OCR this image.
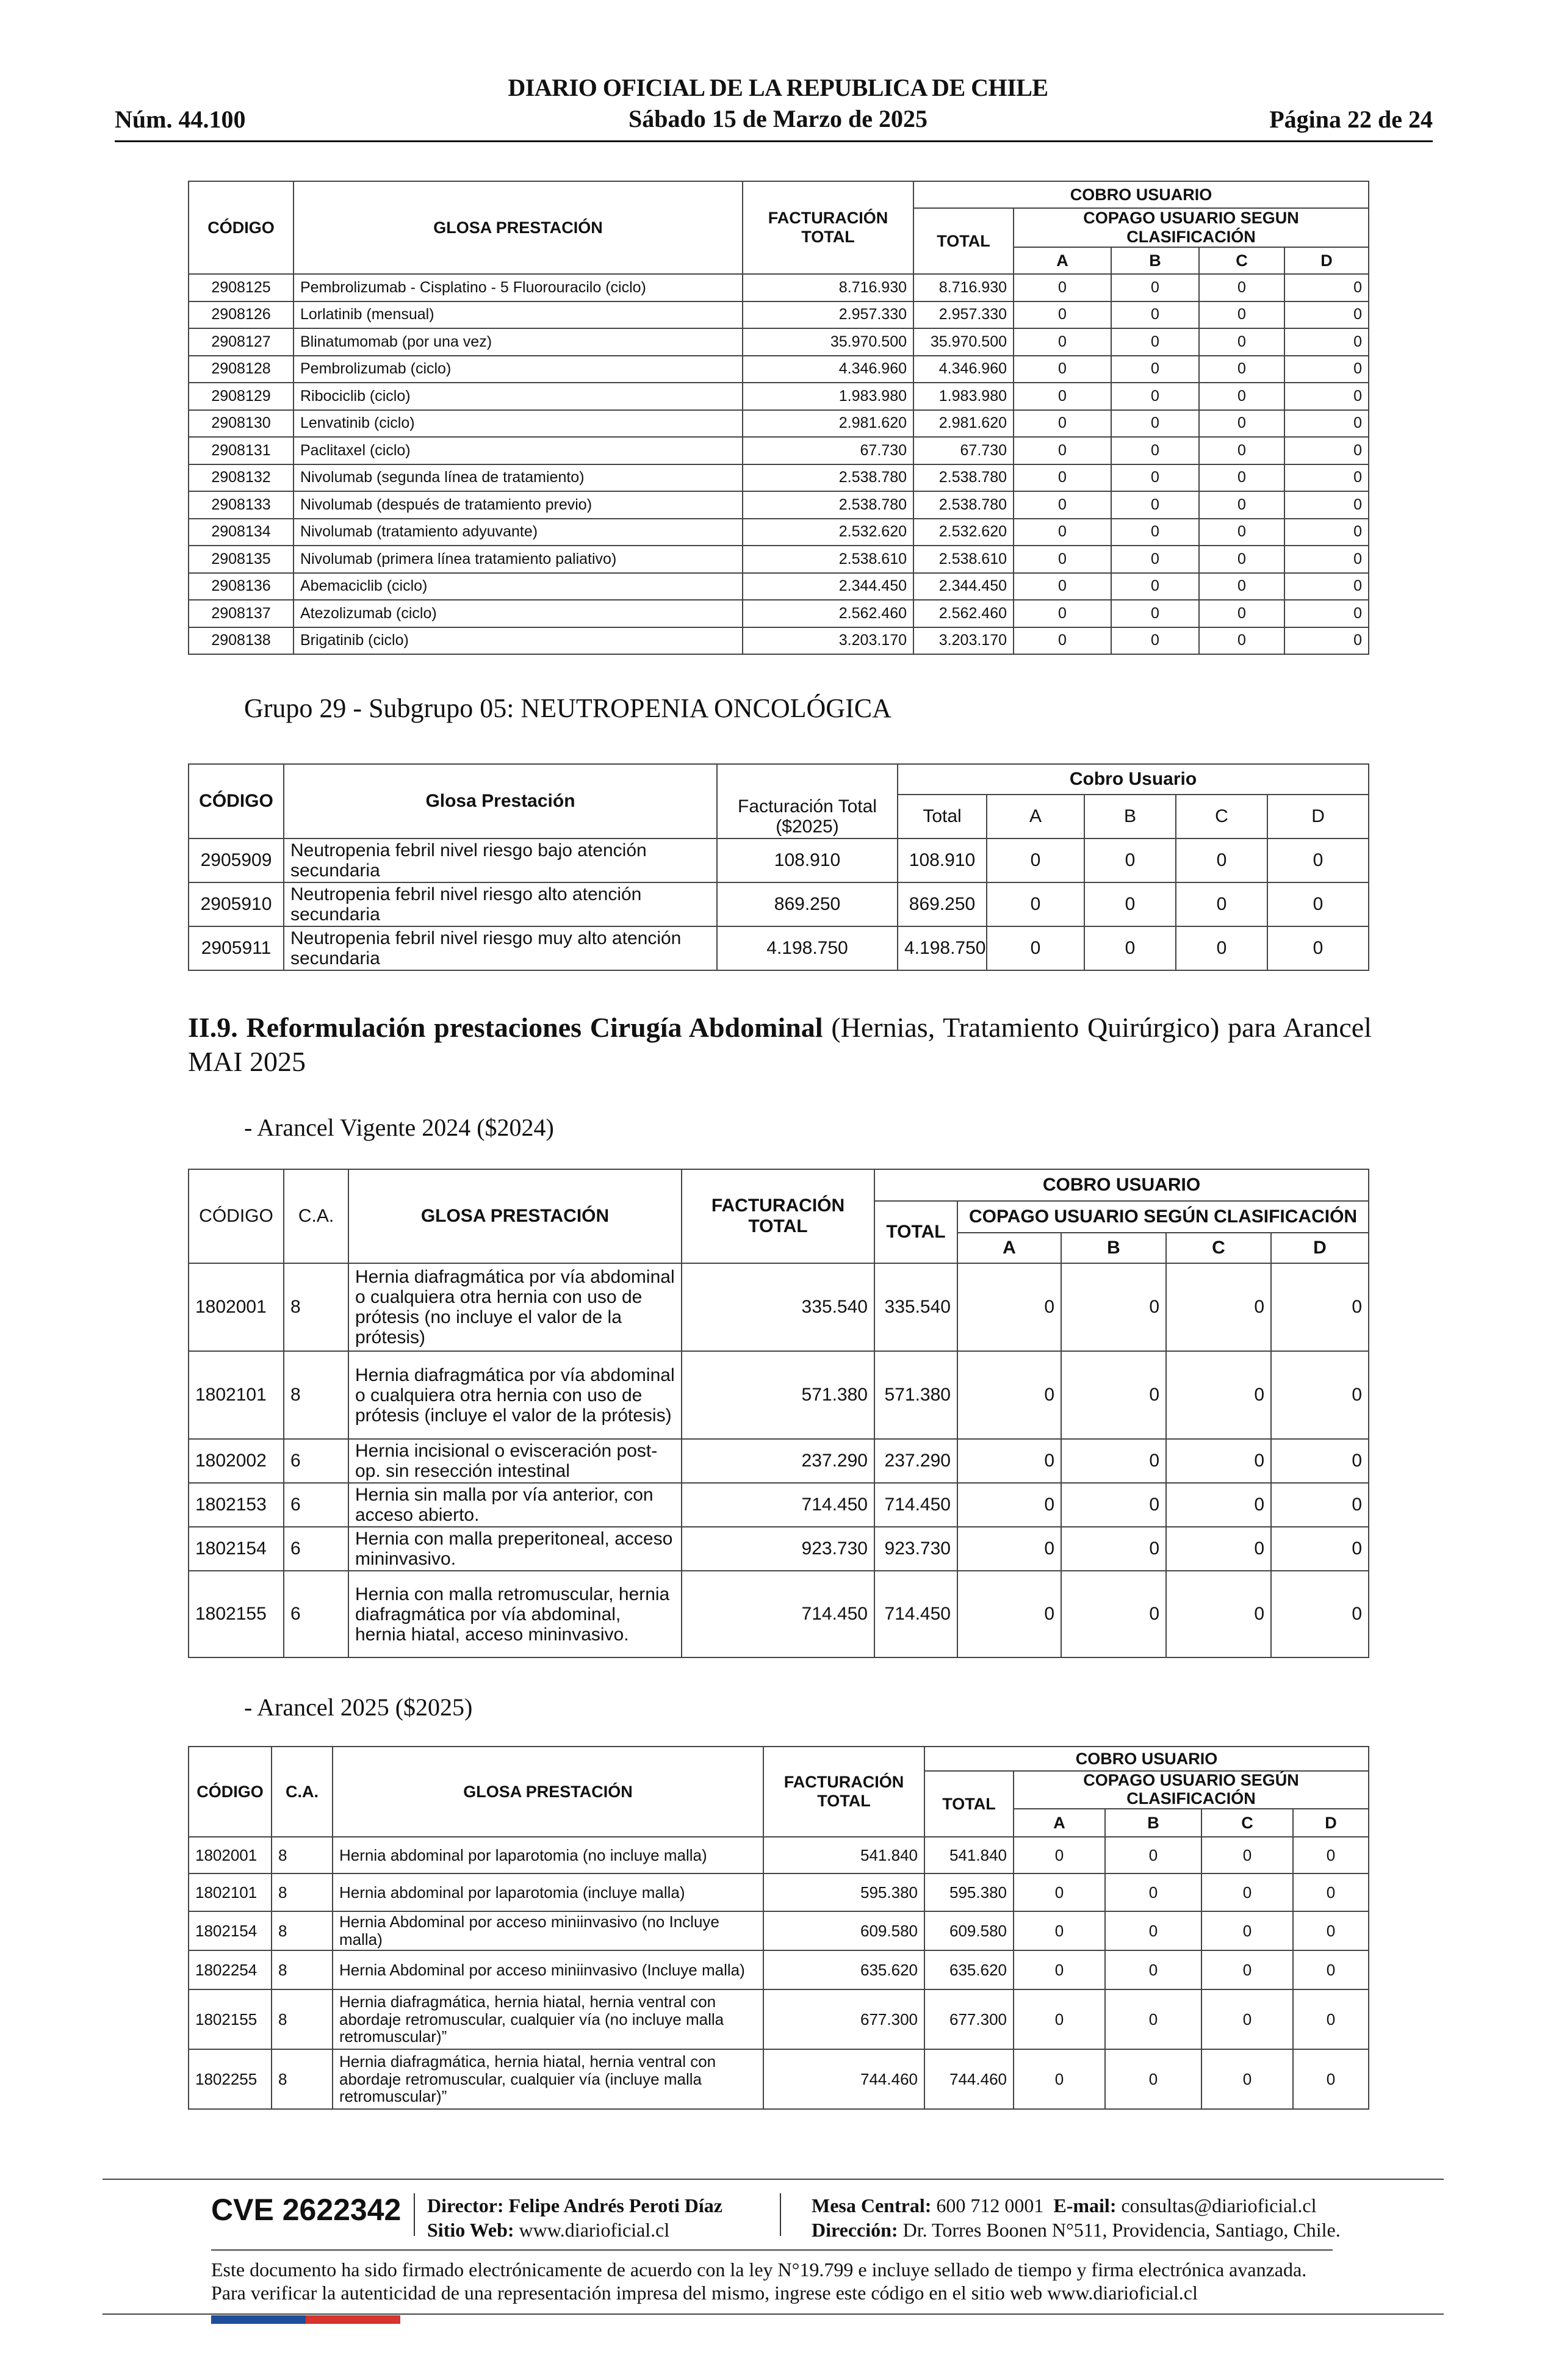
Núm. 44.100
DIARIO OFICIAL DE LA REPUBLICA DE CHILE
Sábado 15 de Marzo de 2025	Página 22 de 24
CÓDIGO	GLOSA PRESTACIÓN	FACTURACIÓN TOTAL	COBRO USUARIO				
			TOTAL	COPAGO USUARIO SEGUN CLASIFICACIÓN			
				A	B	C	D
2908125	Pembrolizumab - Cisplatino - 5 Fluorouracilo (ciclo)	8.716.930	8.716.930	0	0	0	0
2908126	Lorlatinib (mensual)	2.957.330	2.957.330	0	0	0	0
2908127	Blinatumomab (por una vez)	35.970.500	35.970.500	0	0	0	0
2908128	Pembrolizumab (ciclo)	4.346.960	4.346.960	0	0	0	0
2908129	Ribociclib (ciclo)	1.983.980	1.983.980	0	0	0	0
2908130	Lenvatinib (ciclo)	2.981.620	2.981.620	0	0	0	0
2908131	Paclitaxel (ciclo)	67.730	67.730	0	0	0	0
2908132	Nivolumab (segunda línea de tratamiento)	2.538.780	2.538.780	0	0	0	0
2908133	Nivolumab (después de tratamiento previo)	2.538.780	2.538.780	0	0	0	0
2908134	Nivolumab (tratamiento adyuvante)	2.532.620	2.532.620	0	0	0	0
2908135	Nivolumab (primera línea tratamiento paliativo)	2.538.610	2.538.610	0	0	0	0
2908136	Abemaciclib (ciclo)	2.344.450	2.344.450	0	0	0	0
2908137	Atezolizumab (ciclo)	2.562.460	2.562.460	0	0	0	0
2908138	Brigatinib (ciclo)	3.203.170	3.203.170	0	0	0	0
Grupo 29 - Subgrupo 05: NEUTROPENIA ONCOLÓGICA
CÓDIGO	Glosa Prestación		Cobro Usuario				
		Facturación Total ($2025)	Total	A	B	C	D
2905909	Neutropenia febril nivel riesgo bajo atención secundaria	108.910	108.910	0	0	0	0
2905910	Neutropenia febril nivel riesgo alto atención secundaria	869.250	869.250	0	0	0	0
2905911	Neutropenia febril nivel riesgo muy alto atención secundaria	4.198.750	4.198.750	0	0	0	0
II.9. Reformulación prestaciones Cirugía Abdominal (Hernias, Tratamiento Quirúrgico) para Arancel MAI 2025
- Arancel Vigente 2024 ($2024)
CÓDIGO	C.A.	GLOSA PRESTACIÓN	FACTURACIÓN TOTAL	COBRO USUARIO				
				TOTAL	COPAGO USUARIO SEGÚN CLASIFICACIÓN			
					A	B	C	D
1802001	8	Hernia diafragmática por vía abdominal o cualquiera otra hernia con uso de prótesis (no incluye el valor de la prótesis)	335.540	335.540	0	0	0	0
1802101	8	Hernia diafragmática por vía abdominal o cualquiera otra hernia con uso de prótesis (incluye el valor de la prótesis)	571.380	571.380	0	0	0	0
1802002	6	Hernia incisional o evisceración post-op. sin resección intestinal	237.290	237.290	0	0	0	0
1802153	6	Hernia sin malla por vía anterior, con acceso abierto.	714.450	714.450	0	0	0	0
1802154	6	Hernia con malla preperitoneal, acceso mininvasivo.	923.730	923.730	0	0	0	0
1802155	6	Hernia con malla retromuscular, hernia diafragmática por vía abdominal, hernia hiatal, acceso mininvasivo.	714.450	714.450	0	0	0	0
- Arancel 2025 ($2025)
CÓDIGO	C.A.	GLOSA PRESTACIÓN	FACTURACIÓN TOTAL	COBRO USUARIO				
				TOTAL	COPAGO USUARIO SEGÚN CLASIFICACIÓN			
					A	B	C	D
1802001	8	Hernia abdominal por laparotomia (no incluye malla)	541.840	541.840	0	0	0	0
1802101	8	Hernia abdominal por laparotomia (incluye malla)	595.380	595.380	0	0	0	0
1802154	8	Hernia Abdominal por acceso miniinvasivo (no Incluye malla)	609.580	609.580	0	0	0	0
1802254	8	Hernia Abdominal por acceso miniinvasivo (Incluye malla)	635.620	635.620	0	0	0	0
1802155	8	Hernia diafragmática, hernia hiatal, hernia ventral con abordaje retromuscular, cualquier vía (no incluye malla retromuscular)”	677.300	677.300	0	0	0	0
1802255	8	Hernia diafragmática, hernia hiatal, hernia ventral con abordaje retromuscular, cualquier vía (incluye malla retromuscular)”	744.460	744.460	0	0	0	0
CVE 2622342 Director: Felipe Andrés Peroti Díaz
Sitio Web: www.diarioficial.cl
Mesa Central: 600 712 0001 E-mail: consultas@diarioficial.cl
Dirección: Dr. Torres Boonen N°511, Providencia, Santiago, Chile.
Este documento ha sido firmado electrónicamente de acuerdo con la ley N°19.799 e incluye sellado de tiempo y firma electrónica avanzada. Para verificar la autenticidad de una representación impresa del mismo, ingrese este código en el sitio web www.diarioficial.cl
